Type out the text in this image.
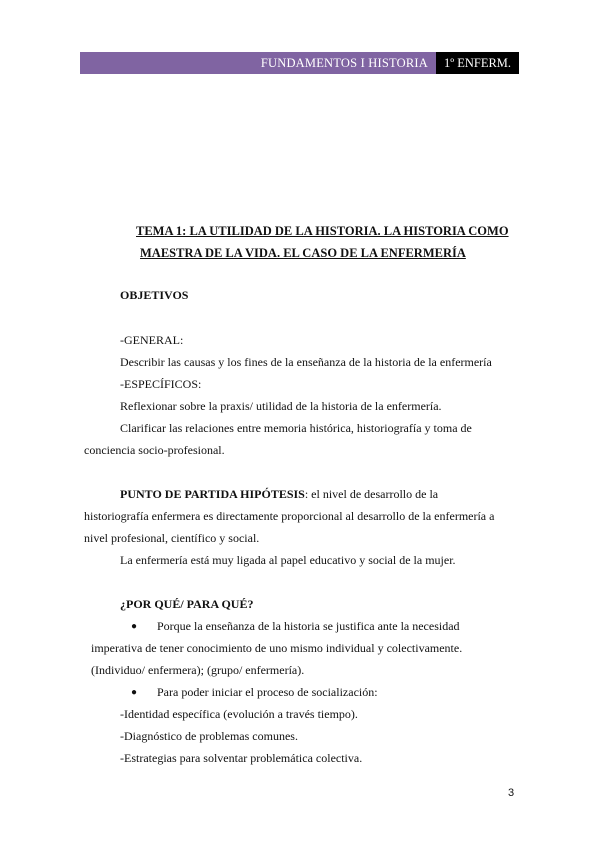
FUNDAMENTOS I HISTORIA	1º ENFERM.
TEMA 1: LA UTILIDAD DE LA HISTORIA. LA HISTORIA COMO
MAESTRA DE LA VIDA. EL CASO DE LA ENFERMERÍA
OBJETIVOS
-GENERAL:
Describir las causas y los fines de la enseñanza de la historia de la enfermería
-ESPECÍFICOS:
Reflexionar sobre la praxis/ utilidad de la historia de la enfermería.
Clarificar las relaciones entre memoria histórica, historiografía y toma de
conciencia socio-profesional.
PUNTO DE PARTIDA HIPÓTESIS: el nivel de desarrollo de la
historiografía enfermera es directamente proporcional al desarrollo de la enfermería a
nivel profesional, científico y social.
La enfermería está muy ligada al papel educativo y social de la mujer.
¿POR QUÉ/ PARA QUÉ?
● Porque la enseñanza de la historia se justifica ante la necesidad
imperativa de tener conocimiento de uno mismo individual y colectivamente.
(Individuo/ enfermera); (grupo/ enfermería).
● Para poder iniciar el proceso de socialización:
-Identidad específica (evolución a través tiempo).
-Diagnóstico de problemas comunes.
-Estrategias para solventar problemática colectiva.
3
